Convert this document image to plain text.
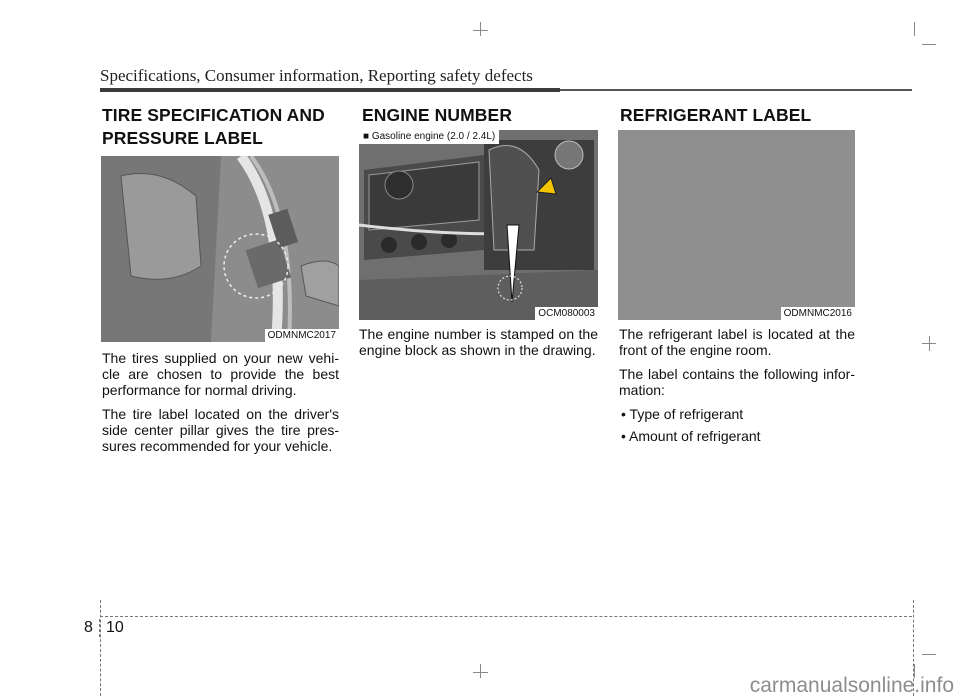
Specifications, Consumer information, Reporting safety defects
TIRE SPECIFICATION AND
PRESSURE LABEL
ODMNMC2017

The tires supplied on your new vehi-cle are chosen to provide the best performance for normal driving.

The tire label located on the driver's side center pillar gives the tire pres-sures recommended for your vehicle.

ENGINE NUMBER
■ Gasoline engine (2.0 / 2.4L)
OCM080003

The engine number is stamped on the engine block as shown in the drawing.

REFRIGERANT LABEL
ODMNMC2016

The refrigerant label is located at the front of the engine room.

The label contains the following infor-mation:

• Type of refrigerant
• Amount of refrigerant
8 10
carmanualsonline.info
